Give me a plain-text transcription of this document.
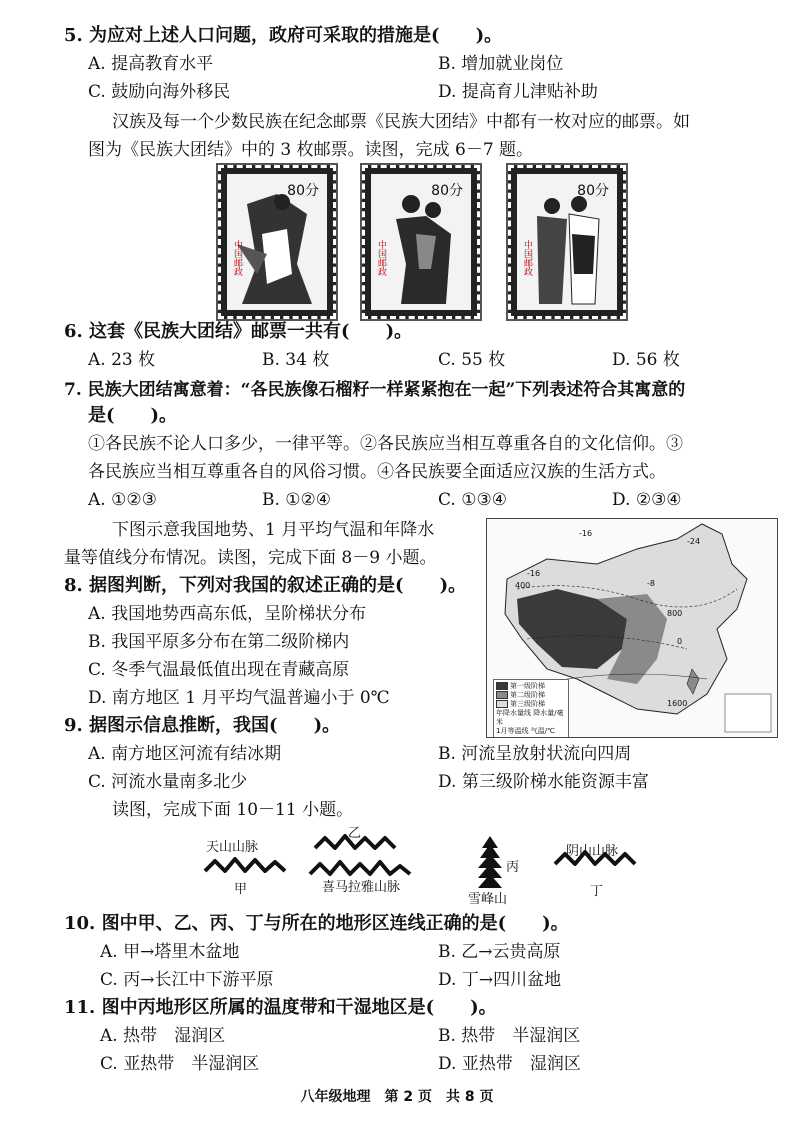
5. 为应对上述人口问题，政府可采取的措施是(　　)。
A. 提高教育水平	B. 增加就业岗位
C. 鼓励向海外移民	D. 提高育儿津贴补助
汉族及每一个少数民族在纪念邮票《民族大团结》中都有一枚对应的邮票。如
图为《民族大团结》中的 3 枚邮票。读图，完成 6－7 题。
80分
中国邮政
80分
中国邮政
80分
中国邮政
6. 这套《民族大团结》邮票一共有(　　)。
A. 23 枚	B. 34 枚	C. 55 枚	D. 56 枚
7. 民族大团结寓意着：“各民族像石榴籽一样紧紧抱在一起”下列表述符合其寓意的
是(　　)。
①各民族不论人口多少，一律平等。②各民族应当相互尊重各自的文化信仰。③
各民族应当相互尊重各自的风俗习惯。④各民族要全面适应汉族的生活方式。
A. ①②③	B. ①②④	C. ①③④	D. ②③④
下图示意我国地势、1 月平均气温和年降水
量等值线分布情况。读图，完成下面 8－9 小题。
-16
-24
-16
-8
0
400
800
1600
第一级阶梯
第二级阶梯
第三级阶梯
年降水量线 降水量/毫米
1月等温线 气温/℃
8. 据图判断，下列对我国的叙述正确的是(　　)。
A. 我国地势西高东低，呈阶梯状分布
B. 我国平原多分布在第二级阶梯内
C. 冬季气温最低值出现在青藏高原
D. 南方地区 1 月平均气温普遍小于 0℃
9. 据图示信息推断，我国(　　)。
A. 南方地区河流有结冰期	B. 河流呈放射状流向四周
C. 河流水量南多北少	D. 第三级阶梯水能资源丰富
读图，完成下面 10－11 小题。
天山山脉
甲
乙
喜马拉雅山脉
丙
雪峰山
阴山山脉
丁
10. 图中甲、乙、丙、丁与所在的地形区连线正确的是(　　)。
A. 甲→塔里木盆地	B. 乙→云贵高原
C. 丙→长江中下游平原	D. 丁→四川盆地
11. 图中丙地形区所属的温度带和干湿地区是(　　)。
A. 热带　湿润区	B. 热带　半湿润区
C. 亚热带　半湿润区	D. 亚热带　湿润区
八年级地理　第 2 页　共 8 页
